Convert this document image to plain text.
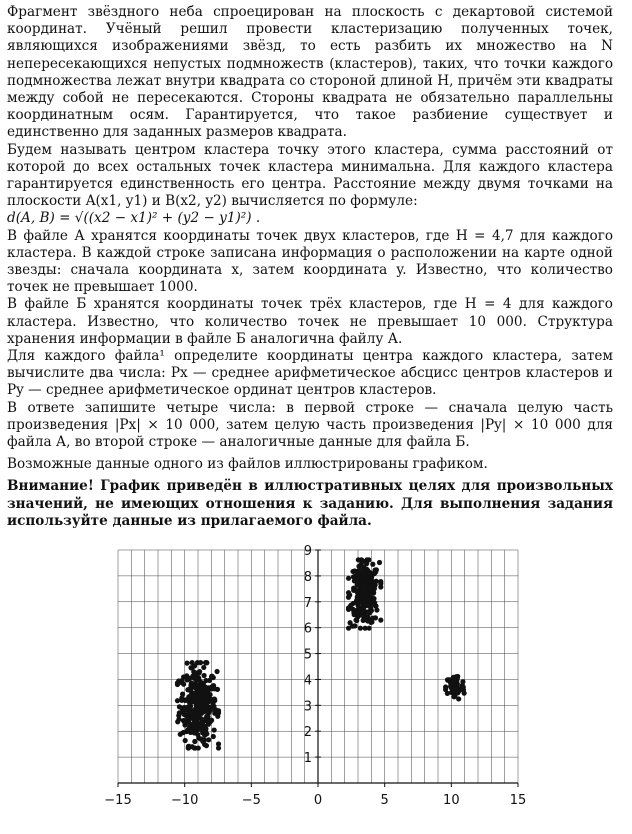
Фрагмент звёздного неба спроецирован на плоскость с декартовой системой координат. Учёный решил провести кластеризацию полученных точек, являющихся изображениями звёзд, то есть разбить их множество на N непересекающихся непустых подмножеств (кластеров), таких, что точки каждого подмножества лежат внутри квадрата со стороной длиной H, причём эти квадраты между собой не пересекаются. Стороны квадрата не обязательно параллельны координатным осям. Гарантируется, что такое разбиение существует и единственно для заданных размеров квадрата.

Будем называть центром кластера точку этого кластера, сумма расстояний от которой до всех остальных точек кластера минимальна. Для каждого кластера гарантируется единственность его центра. Расстояние между двумя точками на плоскости A(x1, y1) и B(x2, y2) вычисляется по формуле:

d(A, B) = √((x2 − x1)² + (y2 − y1)²) .

В файле А хранятся координаты точек двух кластеров, где H = 4,7 для каждого кластера. В каждой строке записана информация о расположении на карте одной звезды: сначала координата x, затем координата y. Известно, что количество точек не превышает 1000.

В файле Б хранятся координаты точек трёх кластеров, где H = 4 для каждого кластера. Известно, что количество точек не превышает 10 000. Структура хранения информации в файле Б аналогична файлу А.

Для каждого файла¹ определите координаты центра каждого кластера, затем вычислите два числа: Px — среднее арифметическое абсцисс центров кластеров и Py — среднее арифметическое ординат центров кластеров.

В ответе запишите четыре числа: в первой строке — сначала целую часть произведения |Px| × 10 000, затем целую часть произведения |Py| × 10 000 для файла А, во второй строке — аналогичные данные для файла Б.

Возможные данные одного из файлов иллюстрированы графиком.

Внимание! График приведён в иллюстративных целях для произвольных значений, не имеющих отношения к заданию. Для выполнения задания используйте данные из прилагаемого файла.

−15	−10	−5	0	5	10	15
1
2
3
4
5
6
7
8
9
